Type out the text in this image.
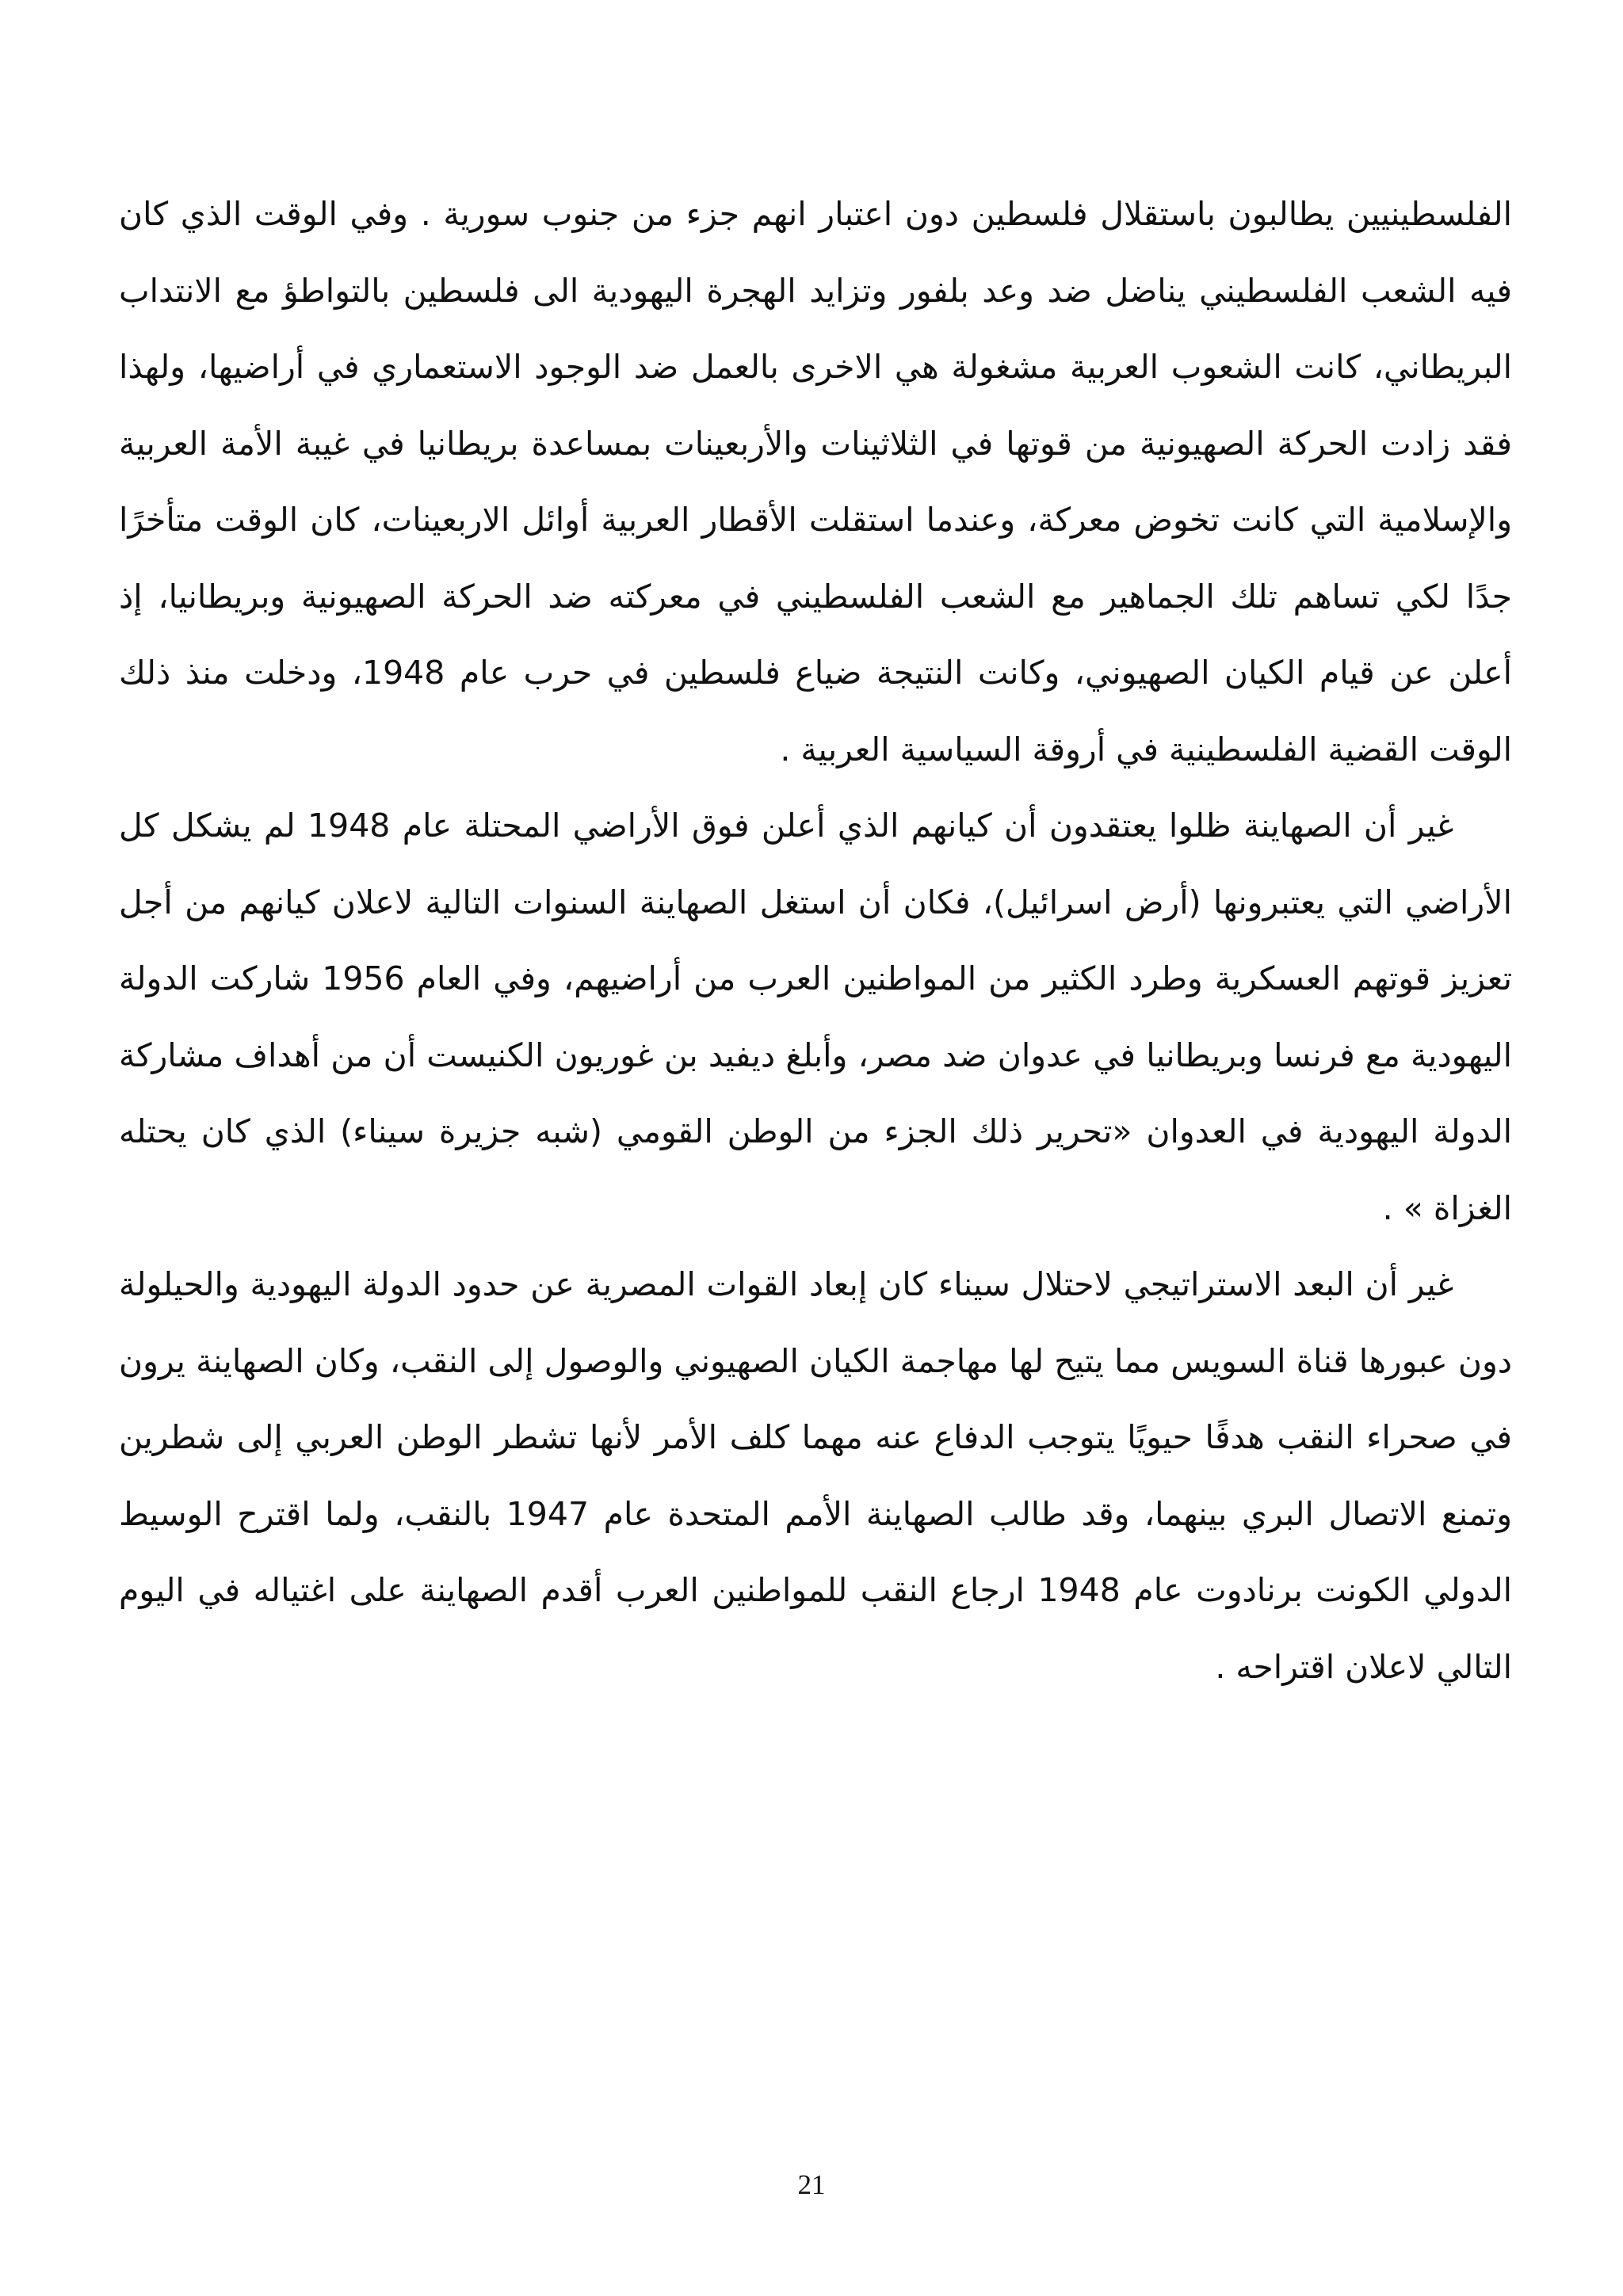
الفلسطينيين يطالبون باستقلال فلسطين دون اعتبار انهم جزء من جنوب سورية . وفي الوقت الذي كان فيه الشعب الفلسطيني يناضل ضد وعد بلفور وتزايد الهجرة اليهودية الى فلسطين بالتواطؤ مع الانتداب البريطاني، كانت الشعوب العربية مشغولة هي الاخرى بالعمل ضد الوجود الاستعماري في أراضيها، ولهذا فقد زادت الحركة الصهيونية من قوتها في الثلاثينات والأربعينات بمساعدة بريطانيا في غيبة الأمة العربية والإسلامية التي كانت تخوض معركة، وعندما استقلت الأقطار العربية أوائل الاربعينات، كان الوقت متأخرًا جدًا لكي تساهم تلك الجماهير مع الشعب الفلسطيني في معركته ضد الحركة الصهيونية وبريطانيا، إذ أعلن عن قيام الكيان الصهيوني، وكانت النتيجة ضياع فلسطين في حرب عام 1948، ودخلت منذ ذلك الوقت القضية الفلسطينية في أروقة السياسية العربية .

غير أن الصهاينة ظلوا يعتقدون أن كيانهم الذي أعلن فوق الأراضي المحتلة عام 1948 لم يشكل كل الأراضي التي يعتبرونها (أرض اسرائيل)، فكان أن استغل الصهاينة السنوات التالية لاعلان كيانهم من أجل تعزيز قوتهم العسكرية وطرد الكثير من المواطنين العرب من أراضيهم، وفي العام 1956 شاركت الدولة اليهودية مع فرنسا وبريطانيا في عدوان ضد مصر، وأبلغ ديفيد بن غوريون الكنيست أن من أهداف مشاركة الدولة اليهودية في العدوان «تحرير ذلك الجزء من الوطن القومي (شبه جزيرة سيناء) الذي كان يحتله الغزاة » .

غير أن البعد الاستراتيجي لاحتلال سيناء كان إبعاد القوات المصرية عن حدود الدولة اليهودية والحيلولة دون عبورها قناة السويس مما يتيح لها مهاجمة الكيان الصهيوني والوصول إلى النقب، وكان الصهاينة يرون في صحراء النقب هدفًا حيويًا يتوجب الدفاع عنه مهما كلف الأمر لأنها تشطر الوطن العربي إلى شطرين وتمنع الاتصال البري بينهما، وقد طالب الصهاينة الأمم المتحدة عام 1947 بالنقب، ولما اقترح الوسيط الدولي الكونت برنادوت عام 1948 ارجاع النقب للمواطنين العرب أقدم الصهاينة على اغتياله في اليوم التالي لاعلان اقتراحه .

21
